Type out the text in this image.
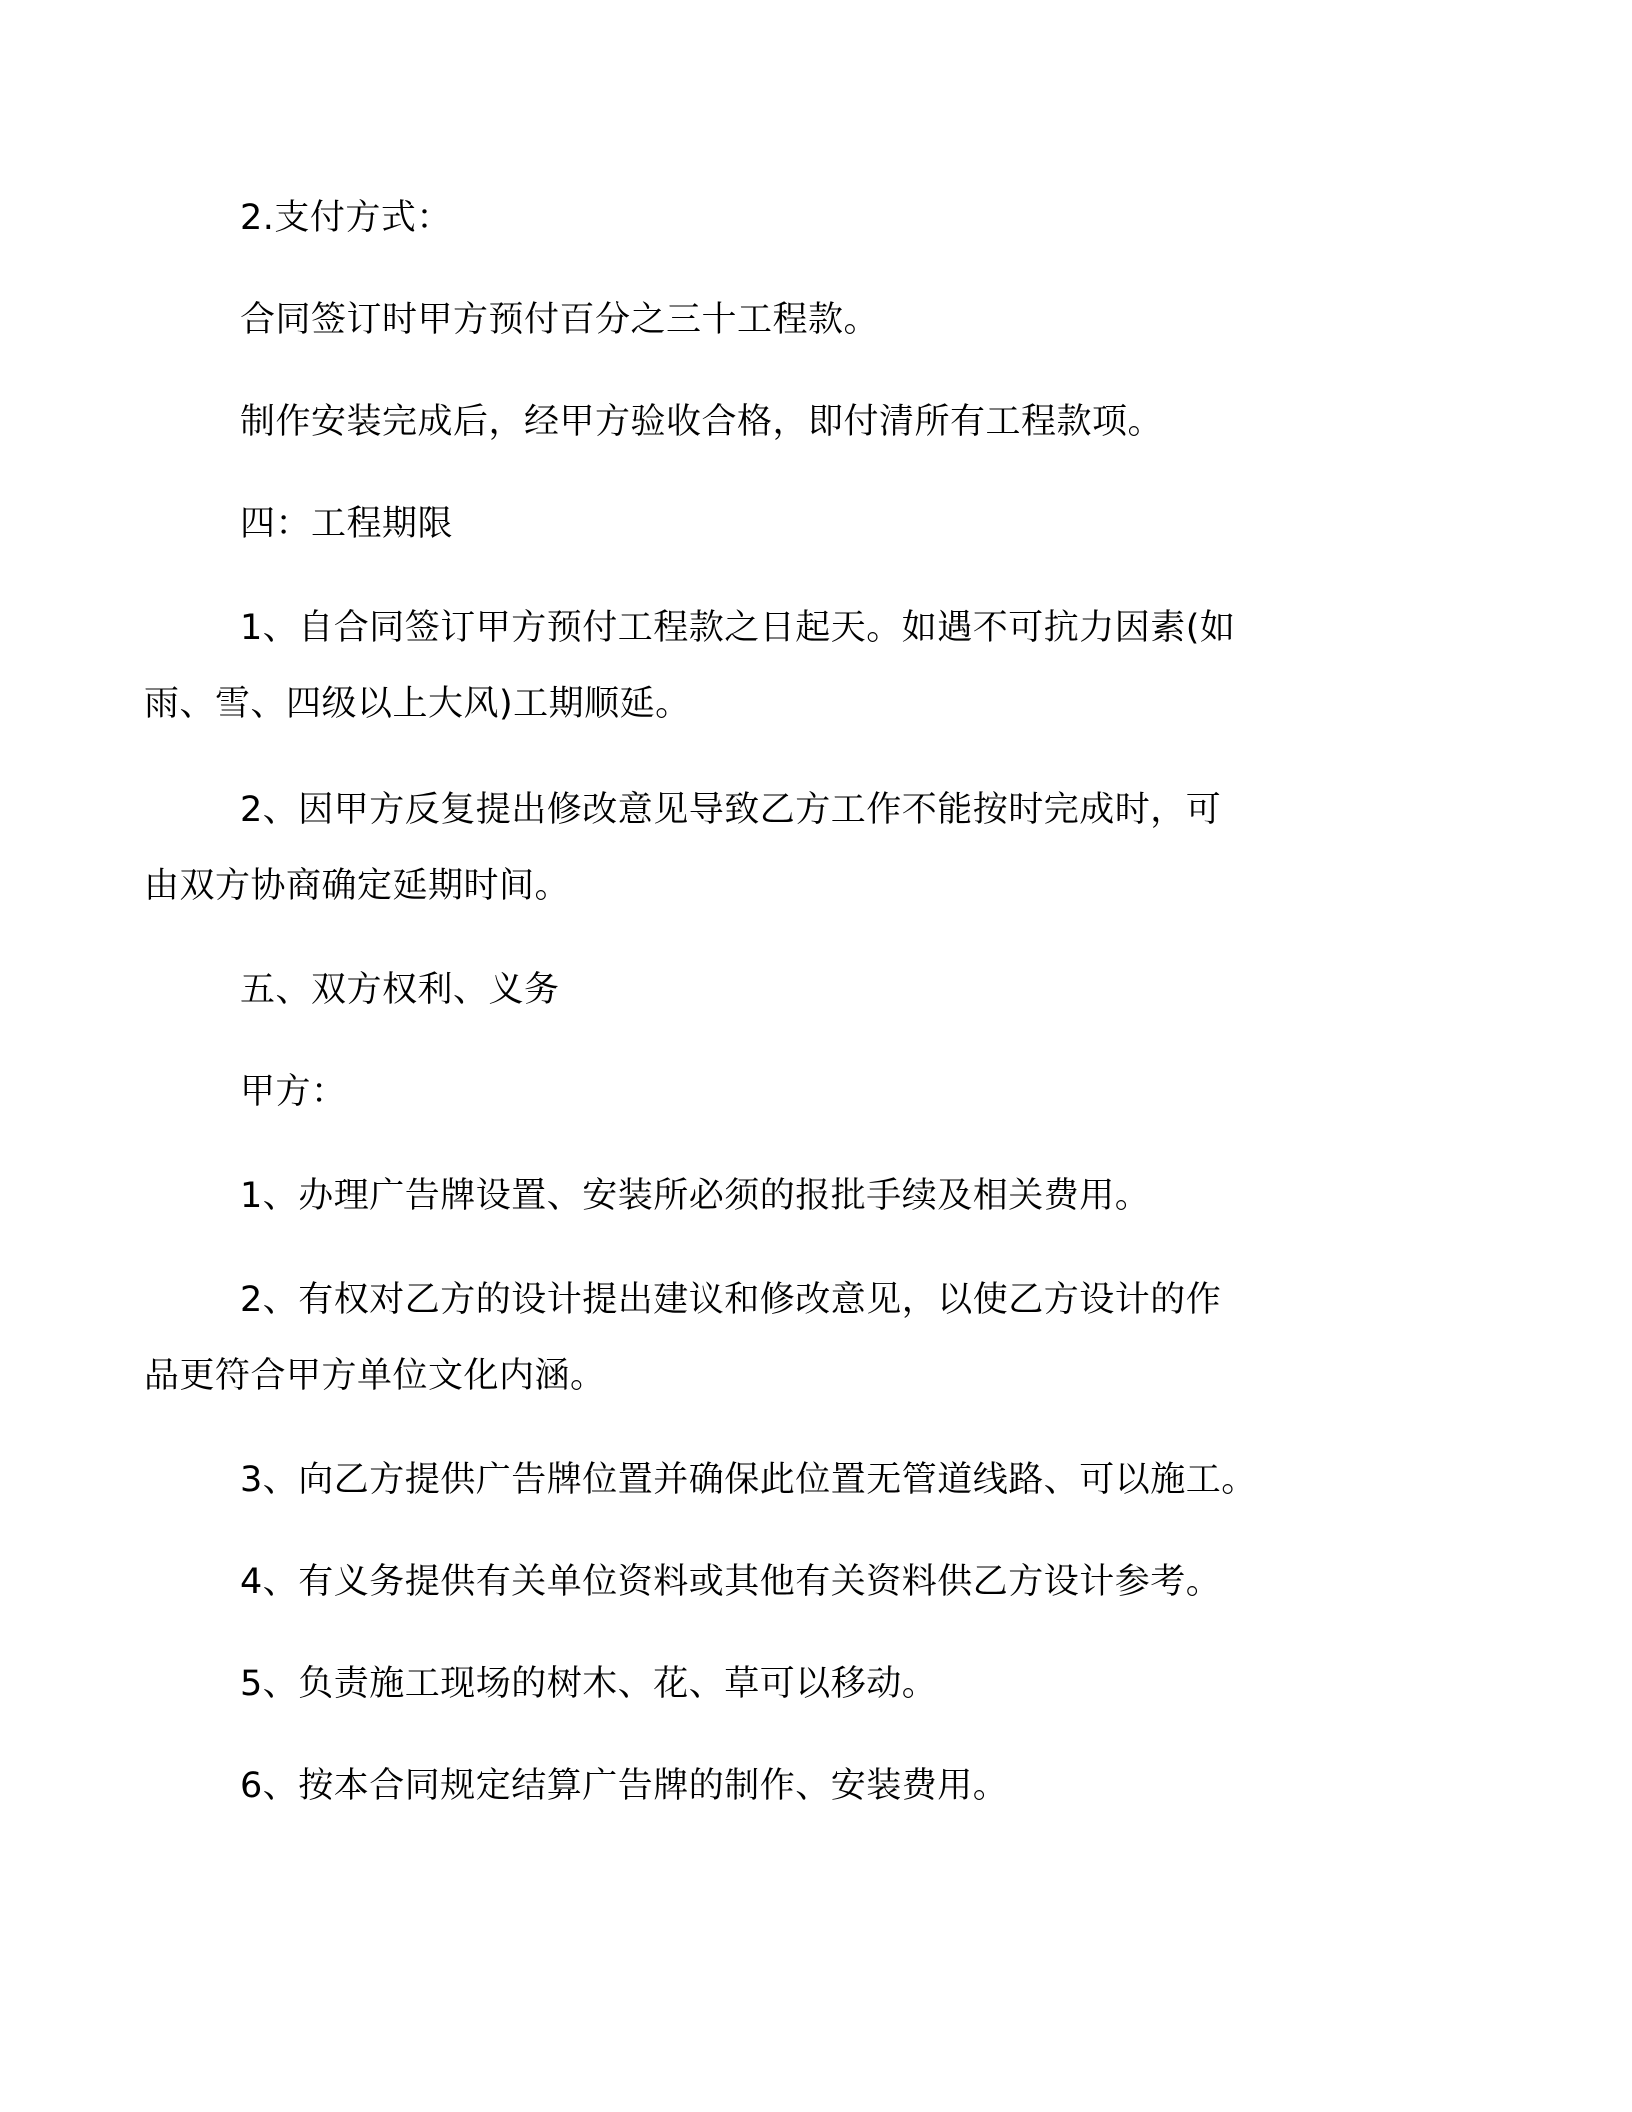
2.支付方式：

合同签订时甲方预付百分之三十工程款。

制作安装完成后，经甲方验收合格，即付清所有工程款项。

四：工程期限

1、自合同签订甲方预付工程款之日起天。如遇不可抗力因素(如
雨、雪、四级以上大风)工期顺延。

2、因甲方反复提出修改意见导致乙方工作不能按时完成时，可
由双方协商确定延期时间。

五、双方权利、义务

甲方：

1、办理广告牌设置、安装所必须的报批手续及相关费用。

2、有权对乙方的设计提出建议和修改意见，以使乙方设计的作
品更符合甲方单位文化内涵。

3、向乙方提供广告牌位置并确保此位置无管道线路、可以施工。

4、有义务提供有关单位资料或其他有关资料供乙方设计参考。

5、负责施工现场的树木、花、草可以移动。

6、按本合同规定结算广告牌的制作、安装费用。
